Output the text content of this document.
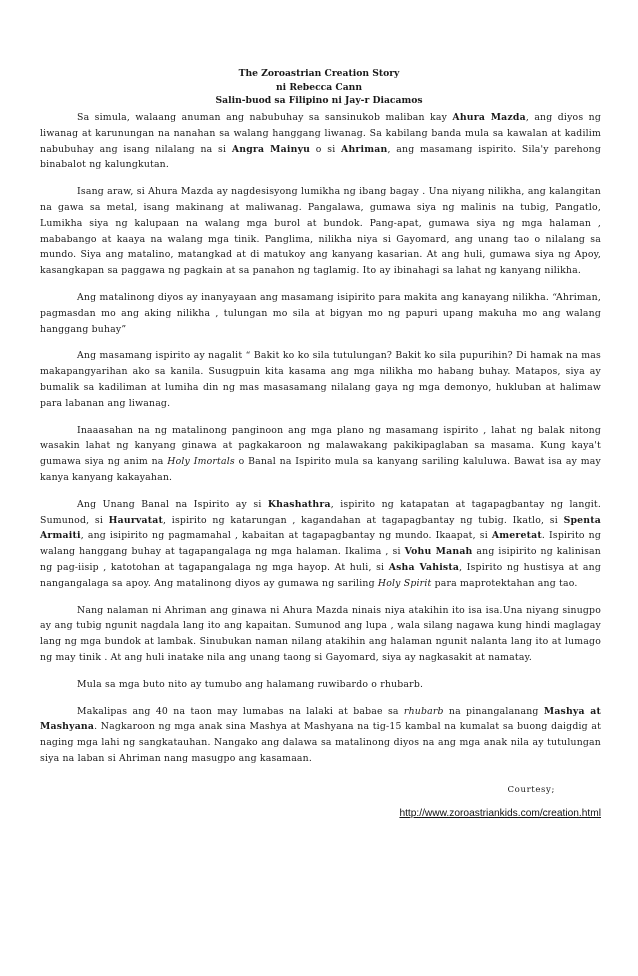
The Zoroastrian Creation Story
ni Rebecca Cann
Salin-buod sa Filipino ni Jay-r Diacamos

Sa simula, walaang anuman ang nabubuhay sa sansinukob maliban kay Ahura Mazda, ang diyos ng liwanag at karunungan na nanahan sa walang hanggang liwanag. Sa kabilang banda mula sa kawalan at kadilim nabubuhay ang isang nilalang na si Angra Mainyu o si Ahriman, ang masamang ispirito. Sila'y parehong binabalot ng kalungkutan.

Isang araw, si Ahura Mazda ay nagdesisyong lumikha ng ibang bagay . Una niyang nilikha, ang kalangitan na gawa sa metal, isang makinang at maliwanag. Pangalawa, gumawa siya ng malinis na tubig, Pangatlo, Lumikha siya ng kalupaan na walang mga burol at bundok. Pang-apat, gumawa siya ng mga halaman , mababango at kaaya na walang mga tinik. Panglima, nilikha niya si Gayomard, ang unang tao o nilalang sa mundo. Siya ang matalino, matangkad at di matukoy ang kanyang kasarian. At ang huli, gumawa siya ng Apoy, kasangkapan sa paggawa ng pagkain at sa panahon ng taglamig. Ito ay ibinahagi sa lahat ng kanyang nilikha.

Ang matalinong diyos ay inanyayaan ang masamang isipirito para makita ang kanayang nilikha. “Ahriman, pagmasdan mo ang aking nilikha , tulungan mo sila at bigyan mo ng papuri upang makuha mo ang walang hanggang buhay”

Ang masamang ispirito ay nagalit “ Bakit ko ko sila tutulungan? Bakit ko sila pupurihin? Di hamak na mas makapangyarihan ako sa kanila. Susugpuin kita kasama ang mga nilikha mo habang buhay. Matapos, siya ay bumalik sa kadiliman at lumiha din ng mas masasamang nilalang gaya ng mga demonyo, hukluban at halimaw para labanan ang liwanag.

Inaaasahan na ng matalinong panginoon ang mga plano ng masamang ispirito , lahat ng balak nitong wasakin lahat ng kanyang ginawa at pagkakaroon ng malawakang pakikipaglaban sa masama. Kung kaya't gumawa siya ng anim na Holy Imortals o Banal na Ispirito mula sa kanyang sariling kaluluwa. Bawat isa ay may kanya kanyang kakayahan.

Ang Unang Banal na Ispirito ay si Khashathra, ispirito ng katapatan at tagapagbantay ng langit. Sumunod, si Haurvatat, ispirito ng katarungan , kagandahan at tagapagbantay ng tubig. Ikatlo, si Spenta Armaiti, ang isipirito ng pagmamahal , kabaitan at tagapagbantay ng mundo. Ikaapat, si Ameretat. Ispirito ng walang hanggang buhay at tagapangalaga ng mga halaman. Ikalima , si Vohu Manah ang isipirito ng kalinisan ng pag-iisip , katotohan at tagapangalaga ng mga hayop. At huli, si Asha Vahista, Ispirito ng hustisya at ang nangangalaga sa apoy. Ang matalinong diyos ay gumawa ng sariling Holy Spirit para maprotektahan ang tao.

Nang nalaman ni Ahriman ang ginawa ni Ahura Mazda ninais niya atakihin ito isa isa.Una niyang sinugpo ay ang tubig ngunit nagdala lang ito ang kapaitan. Sumunod ang lupa , wala silang nagawa kung hindi maglagay lang ng mga bundok at lambak. Sinubukan naman nilang atakihin ang halaman ngunit nalanta lang ito at lumago ng may tinik . At ang huli inatake nila ang unang taong si Gayomard, siya ay nagkasakit at namatay.

Mula sa mga buto nito ay tumubo ang halamang ruwibardo o rhubarb.

Makalipas ang 40 na taon may lumabas na lalaki at babae sa rhubarb na pinangalanang Mashya at Mashyana. Nagkaroon ng mga anak sina Mashya at Mashyana na tig-15 kambal na kumalat sa buong daigdig at naging mga lahi ng sangkatauhan. Nangako ang dalawa sa matalinong diyos na ang mga anak nila ay tutulungan siya na laban si Ahriman nang masugpo ang kasamaan.

Courtesy;
http://www.zoroastriankids.com/creation.html
